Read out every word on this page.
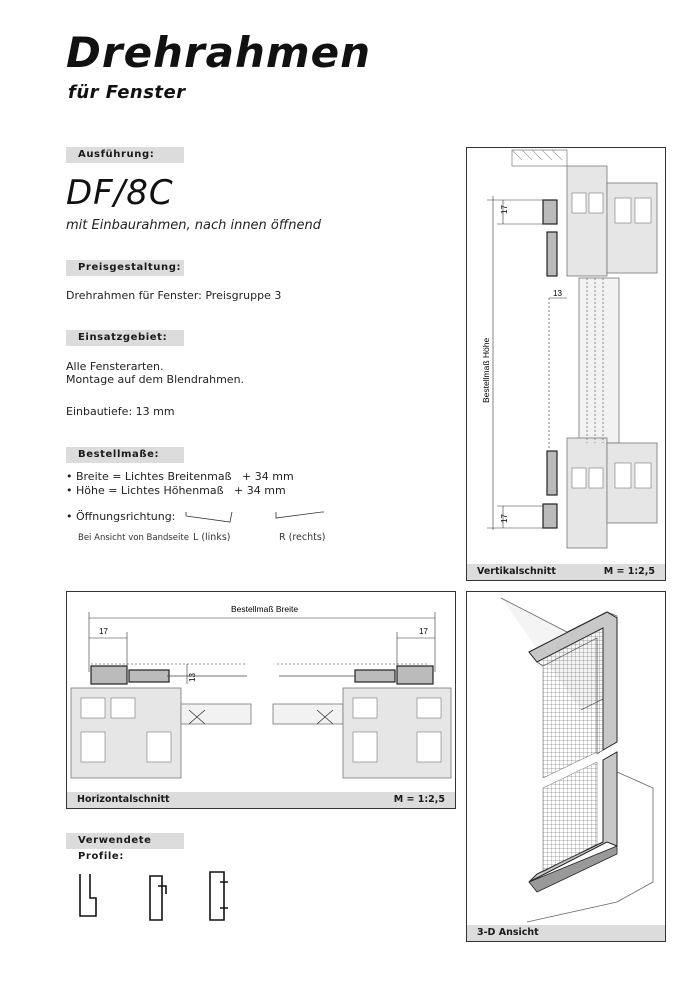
Drehrahmen
für Fenster
Ausführung:
DF/8C
mit Einbaurahmen, nach innen öffnend
Preisgestaltung:
Drehrahmen für Fenster: Preisgruppe 3
Einsatzgebiet:
Alle Fensterarten.
Montage auf dem Blendrahmen.
Einbautiefe: 13 mm
Bestellmaße:
• Breite = Lichtes Breitenmaß   + 34 mm
• Höhe = Lichtes Höhenmaß   + 34 mm
• Öffnungsrichtung:
Bei Ansicht von Bandseite L (links)	R (rechts)
17
17
13
Bestellmaß Höhe
Vertikalschnitt	M = 1:2,5
Bestellmaß Breite
17	17
13
Horizontalschnitt	M = 1:2,5
3-D Ansicht
Verwendete Profile:
